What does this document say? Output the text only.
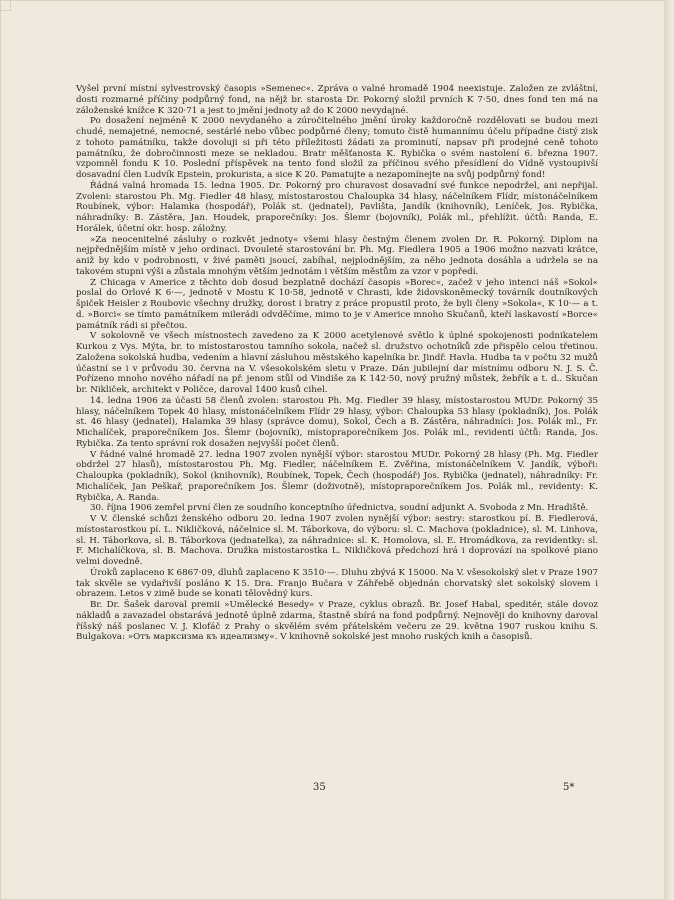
Vyšel první místní sylvestrovský časopis »Semenec«. Zpráva o valné hromadě 1904 neexistuje. Založen ze zvláštní, dosti rozmarné příčiny podpůrný fond, na nějž br. starosta Dr. Pokorný složil prvních K 7·50, dnes fond ten má na záloženské knížce K 320·71 a jest to jmění jednoty až do K 2000 nevydajné.

Po dosažení nejméně K 2000 nevydaného a zúročitelného jmění úroky každoročně rozdělovati se budou mezi chudé, nemajetné, nemocné, sestárlé nebo vůbec podpůrné členy; tomuto čistě humannímu účelu případne čistý zisk z tohoto památníku, takže dovoluji si při této příležitosti žádati za prominutí, napsav při prodejné ceně tohoto památníku, že dobročinnosti meze se nekladou. Bratr měšťanosta K. Rybička o svém nastolení 6. března 1907. vzpomněl fondu K 10. Poslední příspěvek na tento fond složil za příčinou svého přesídlení do Vídně vystoupivší dosavadní člen Ludvík Epstein, prokurista, a sice K 20. Pamatujte a nezapomínejte na svůj podpůrný fond!

Řádná valná hromada 15. ledna 1905. Dr. Pokorný pro churavost dosavadní své funkce nepodržel, ani nepřijal. Zvoleni: starostou Ph. Mg. Fiedler 48 hlasy, místostarostou Chaloupka 34 hlasy, náčelníkem Flídr, místonáčelníkem Roubínek, výbor: Halamka (hospodář), Polák st. (jednatel), Pavlišta, Jandík (knihovník), Leníček, Jos. Rybička, náhradníky: B. Zástěra, Jan. Houdek, praporečníky: Jos. Šlemr (bojovník), Polák ml., přehlížit. účtů: Randa, E. Horálek, účetní okr. hosp. záložny.

»Za neocenitelné zásluhy o rozkvět jednoty« všemi hlasy čestným členem zvolen Dr. R. Pokorný. Diplom na nejpřednějším místě v jeho ordinaci. Dvouleté starostování br. Ph. Mg. Fiedlera 1905 a 1906 možno nazvati krátce, aniž by kdo v podrobnosti, v živé paměti jsoucí, zabíhal, nejplodnějším, za něho jednota dosáhla a udržela se na takovém stupni výši a zůstala mnohým větším jednotám i větším městům za vzor v popředí.

Z Chicaga v Americe z těchto dob dosud bezplatně dochází časopis »Borec«, začež v jeho intenci náš »Sokol« poslal do Orlové K 6·—, jednotě v Mostu K 10·58, jednotě v Chrasti, kde židovskoněmecký továrník doutníkových špiček Heisler z Roubovic všechny družky, dorost i bratry z práce propustil proto, že byli členy »Sokola«, K 10·— a t. d. »Borci« se tímto památníkem milerádi odvděčíme, mimo to je v Americe mnoho Skučanů, kteří laskavostí »Borce« památník rádi si přečtou.

V sokolovně ve všech místnostech zavedeno za K 2000 acetylenové světlo k úplné spokojenosti podnikatelem Kurkou z Vys. Mýta, br. to místostarostou tamního sokola, načež sl. družstvo ochotníků zde přispělo celou třetinou. Založena sokolská hudba, vedením a hlavní zásluhou městského kapelníka br. Jindř. Havla. Hudba ta v počtu 32 mužů účastní se i v průvodu 30. června na V. všesokolském sletu v Praze. Dán jubilejní dar místnímu odboru N. J. S. Č. Pořízeno mnoho nového nářadí na př. jenom stůl od Vindiše za K 142·50, nový pružný můstek, žebřík a t. d.. Skučan br. Nikliček, architekt v Poličce, daroval 1400 kusů cihel.

14. ledna 1906 za účasti 58 členů zvolen: starostou Ph. Mg. Fiedler 39 hlasy, místostarostou MUDr. Pokorný 35 hlasy, náčelníkem Topek 40 hlasy, místonáčelníkem Flídr 29 hlasy, výbor: Chaloupka 53 hlasy (pokladník), Jos. Polák st. 46 hlasy (jednatel), Halamka 39 hlasy (správce domu), Sokol, Čech a B. Zástěra, náhradníci: Jos. Polák ml., Fr. Michalíček, praporečníkem Jos. Šlemr (bojovník), místopraporečníkem Jos. Polák ml., revidenti účtů: Randa, Jos. Rybička. Za tento správní rok dosažen nejvyšší počet členů.

V řádné valné hromadě 27. ledna 1907 zvolen nynější výbor: starostou MUDr. Pokorný 28 hlasy (Ph. Mg. Fiedler obdržel 27 hlasů), místostarostou Ph. Mg. Fiedler, náčelníkem E. Zvěřina, místonáčelníkem V. Jandík, výboři: Chaloupka (pokladník), Sokol (knihovník), Roubínek, Topek, Čech (hospodář) Jos. Rybička (jednatel), náhradníky: Fr. Michalíček, Jan Peškař, praporečníkem Jos. Šlemr (doživotně), místopraporečníkem Jos. Polák ml., revidenty: K. Rybička, A. Randa.

30. října 1906 zemřel první člen ze soudního konceptního úřednictva, soudní adjunkt A. Svoboda z Mn. Hradiště.

V V. členské schůzi ženského odboru 20. ledna 1907 zvolen nynější výbor: sestry: starostkou pí. B. Fiedlerová, místostarostkou pí. L. Nikličková, náčelnice sl. M. Táborkova, do výboru: sl. C. Machova (pokladnice), sl. M. Linhova, sl. H. Táborkova, sl. B. Táborkova (jednatelka), za náhradnice: sl. K. Homolova, sl. E. Hromádkova, za revidentky: sl. F. Michalíčkova, sl. B. Machova. Družka místostarostka L. Nikličková předchozí hrá i doprovází na spolkové piano velmi dovedně.

Úroků zaplaceno K 6867·09, dluhů zaplaceno K 3510·—. Dluhu zbývá K 15000. Na V. všesokolský slet v Praze 1907 tak skvěle se vydařivší posláno K 15. Dra. Franjo Bučara v Záhřebě objednán chorvatský slet sokolský slovem i obrazem. Letos v zimě bude se konati tělovědný kurs.

Br. Dr. Šašek daroval premii »Umělecké Besedy« v Praze, cyklus obrazů. Br. Josef Habal, speditér, stále dovoz nákladů a zavazadel obstarává jednotě úplně zdarma, štastně sbírá na fond podpůrný. Nejnověji do knihovny daroval říšský náš poslanec V. J. Klofáč z Prahy o skvělém svém přátelském večeru ze 29. května 1907 ruskou knihu S. Bulgakova: »Отъ марксизма къ идеализму«. V knihovně sokolské jest mnoho ruských knih a časopisů.

35	5*
